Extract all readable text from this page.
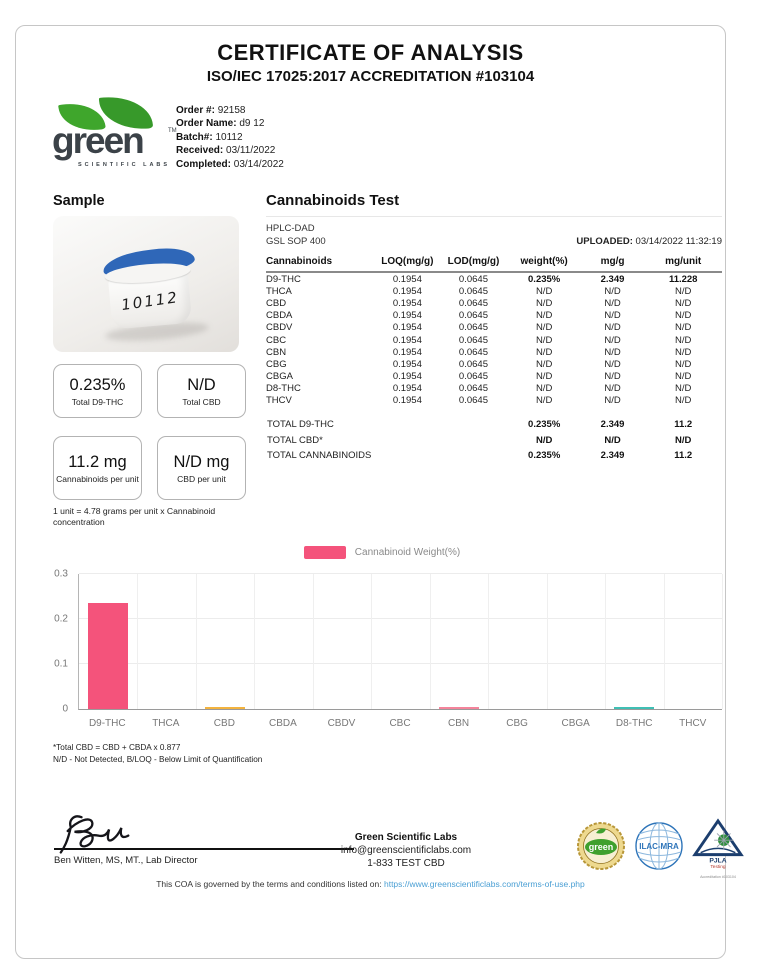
CERTIFICATE OF ANALYSIS
ISO/IEC 17025:2017 ACCREDITATION #103104
green	TM
SCIENTIFIC LABS
Order #: 92158
Order Name: d9 12
Batch#: 10112
Received: 03/11/2022
Completed: 03/14/2022
Sample
10112
0.235%
Total D9-THC
N/D
Total CBD
11.2 mg
Cannabinoids per unit
N/D mg
CBD per unit
1 unit = 4.78 grams per unit x Cannabinoid concentration
Cannabinoids Test
HPLC-DAD
GSL SOP 400	UPLOADED: 03/14/2022 11:32:19
Cannabinoids	LOQ(mg/g)	LOD(mg/g)	weight(%)	mg/g	mg/unit
D9-THC	0.1954	0.0645	0.235%	2.349	11.228
THCA	0.1954	0.0645	N/D	N/D	N/D
CBD	0.1954	0.0645	N/D	N/D	N/D
CBDA	0.1954	0.0645	N/D	N/D	N/D
CBDV	0.1954	0.0645	N/D	N/D	N/D
CBC	0.1954	0.0645	N/D	N/D	N/D
CBN	0.1954	0.0645	N/D	N/D	N/D
CBG	0.1954	0.0645	N/D	N/D	N/D
CBGA	0.1954	0.0645	N/D	N/D	N/D
D8-THC	0.1954	0.0645	N/D	N/D	N/D
THCV	0.1954	0.0645	N/D	N/D	N/D
TOTAL D9-THC	0.235%	2.349	11.2
TOTAL CBD*	N/D	N/D	N/D
TOTAL CANNABINOIDS	0.235%	2.349	11.2
Cannabinoid Weight(%)
0
0.1
0.2
0.3
D9-THC	THCA	CBD	CBDA	CBDV	CBC	CBN	CBG	CBGA	D8-THC	THCV
*Total CBD = CBD + CBDA x 0.877
N/D - Not Detected, B/LOQ - Below Limit of Quantification
Ben Witten, MS, MT., Lab Director
Green Scientific Labs
info@greenscientificlabs.com
1-833 TEST CBD
green	ILAC-MRA
PJLA
Testing
Accreditation #103104
This COA is governed by the terms and conditions listed on: https://www.greenscientificlabs.com/terms-of-use.php
